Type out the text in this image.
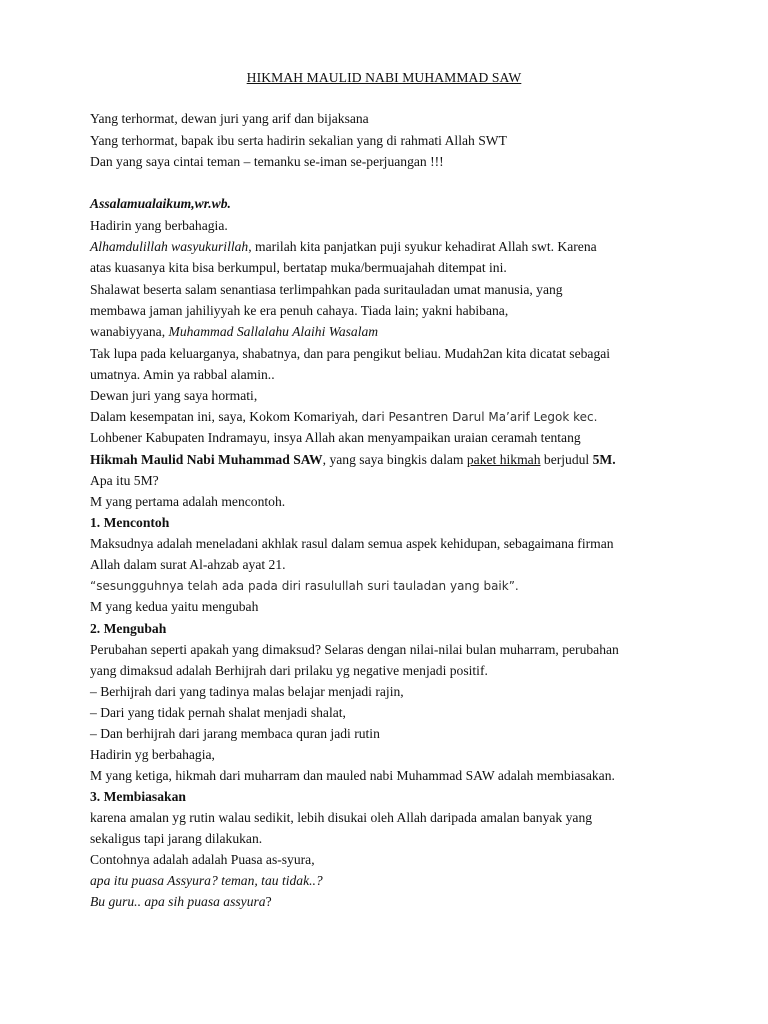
HIKMAH MAULID NABI MUHAMMAD SAW
Yang terhormat, dewan juri yang arif dan bijaksana
Yang terhormat, bapak ibu serta hadirin sekalian yang di rahmati Allah SWT
Dan yang saya cintai teman – temanku se-iman se-perjuangan !!!
Assalamualaikum,wr.wb.
Hadirin yang berbahagia.
Alhamdulillah wasyukurillah, marilah kita panjatkan puji syukur kehadirat Allah swt. Karena
atas kuasanya kita bisa berkumpul, bertatap muka/bermuajahah ditempat ini.
Shalawat beserta salam senantiasa terlimpahkan pada suritauladan umat manusia, yang
membawa jaman jahiliyyah ke era penuh cahaya. Tiada lain; yakni habibana,
wanabiyyana, Muhammad Sallalahu Alaihi Wasalam
Tak lupa pada keluarganya, shabatnya, dan para pengikut beliau. Mudah2an kita dicatat sebagai
umatnya. Amin ya rabbal alamin..
Dewan juri yang saya hormati,
Dalam kesempatan ini, saya, Kokom Komariyah, dari Pesantren Darul Ma’arif Legok kec.
Lohbener Kabupaten Indramayu, insya Allah akan menyampaikan uraian ceramah tentang
Hikmah Maulid Nabi Muhammad SAW, yang saya bingkis dalam paket hikmah berjudul 5M.
Apa itu 5M?
M yang pertama adalah mencontoh.
1. Mencontoh
Maksudnya adalah meneladani akhlak rasul dalam semua aspek kehidupan, sebagaimana firman
Allah dalam surat Al-ahzab ayat 21.
“sesungguhnya telah ada pada diri rasulullah suri tauladan yang baik”.
M yang kedua yaitu mengubah
2. Mengubah
Perubahan seperti apakah yang dimaksud? Selaras dengan nilai-nilai bulan muharram, perubahan
yang dimaksud adalah Berhijrah dari prilaku yg negative menjadi positif.
– Berhijrah dari yang tadinya malas belajar menjadi rajin,
– Dari yang tidak pernah shalat menjadi shalat,
– Dan berhijrah dari jarang membaca quran jadi rutin
Hadirin yg berbahagia,
M yang ketiga, hikmah dari muharram dan mauled nabi Muhammad SAW adalah membiasakan.
3. Membiasakan
karena amalan yg rutin walau sedikit, lebih disukai oleh Allah daripada amalan banyak yang
sekaligus tapi jarang dilakukan.
Contohnya adalah adalah Puasa as-syura,
apa itu puasa Assyura? teman, tau tidak..?
Bu guru.. apa sih puasa assyura?
